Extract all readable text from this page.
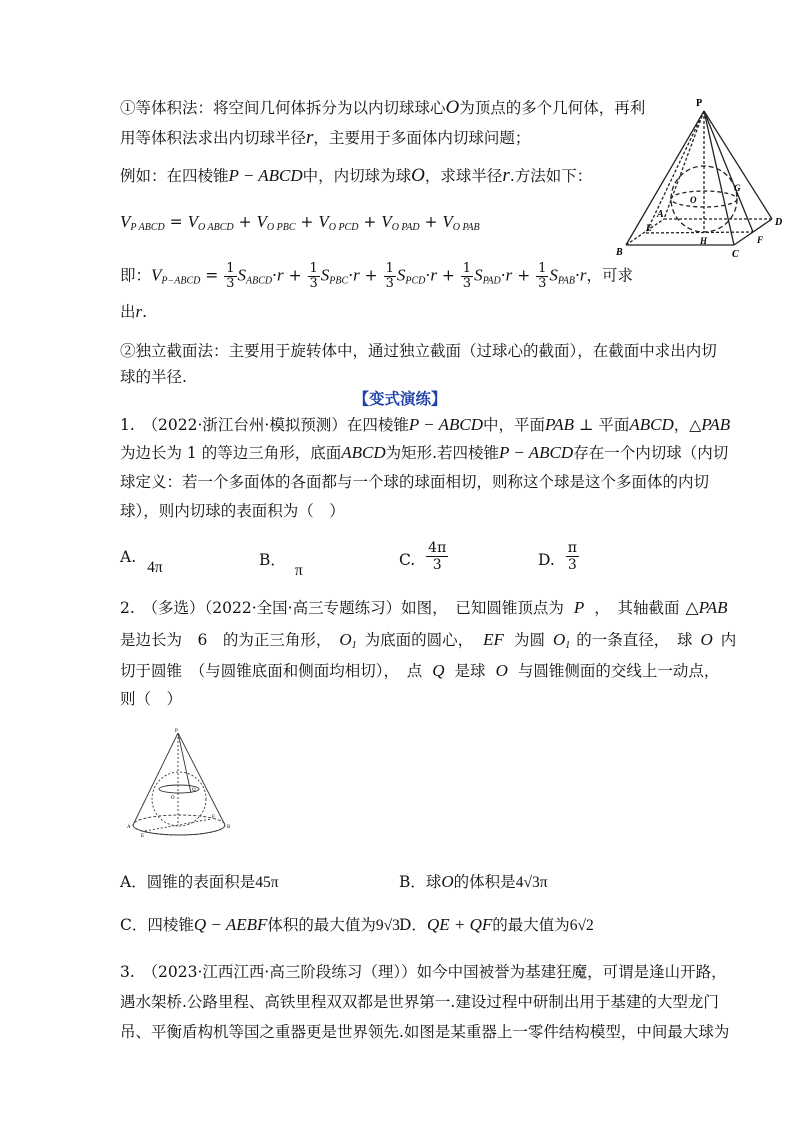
①等体积法：将空间几何体拆分为以内切球球心O为顶点的多个几何体，再利
用等体积法求出内切球半径r，主要用于多面体内切球问题；
例如：在四棱锥P − ABCD中，内切球为球O，求球半径r.方法如下：
$V_{P ABCD} = V_{O ABCD} + V_{O PBC} + V_{O PCD} + V_{O PAD} + V_{O PAB}$
即：$V_{P-ABCD} = \frac{1}{3} S_{ABCD}\cdot r + \frac{1}{3} S_{PBC}\cdot r + \frac{1}{3} S_{PCD}\cdot r + \frac{1}{3} S_{PAD}\cdot r + \frac{1}{3} S_{PAB}\cdot r$，可求
出r.
②独立截面法：主要用于旋转体中，通过独立截面（过球心的截面），在截面中求出内切
球的半径.
【变式演练】
1.　（2022·浙江台州·模拟预测）在四棱锥P − ABCD中，平面PAB ⊥ 平面ABCD，△PAB
为边长为 1 的等边三角形，底面ABCD为矩形.若四棱锥P − ABCD存在一个内切球（内切
球定义：若一个多面体的各面都与一个球的球面相切，则称这个球是这个多面体的内切
球），则内切球的表面积为（　）
A. 4π	B． π
C. $\frac{4\pi}{3}$	D. $\frac{\pi}{3}$
2.　（多选）（2022·全国·高三专题练习）如图，　已知圆锥顶点为 P ，　其轴截面 △PAB
是边长为　6　的为正三角形， $O_1$ 为底面的圆心， EF 为圆 $O_1$ 的一条直径，　球 O 内
切于圆锥　（与圆锥底面和侧面均相切），　点 Q 是球 O 与圆锥侧面的交线上一动点，
则（　）
A．圆锥的表面积是45π	B．球O的体积是4√3π
C．四棱锥Q − AEBF体积的最大值为9√3 D．QE + QF的最大值为6√2
3.　（2023·江西江西·高三阶段练习（理））如今中国被誉为基建狂魔，可谓是逢山开路，
遇水架桥.公路里程、高铁里程双双都是世界第一.建设过程中研制出用于基建的大型龙门
吊、平衡盾构机等国之重器更是世界领先.如图是某重器上一零件结构模型，中间最大球为
P
A
B	C
D
E
F
G
H
O
P
O
A	B
E
F
Q
